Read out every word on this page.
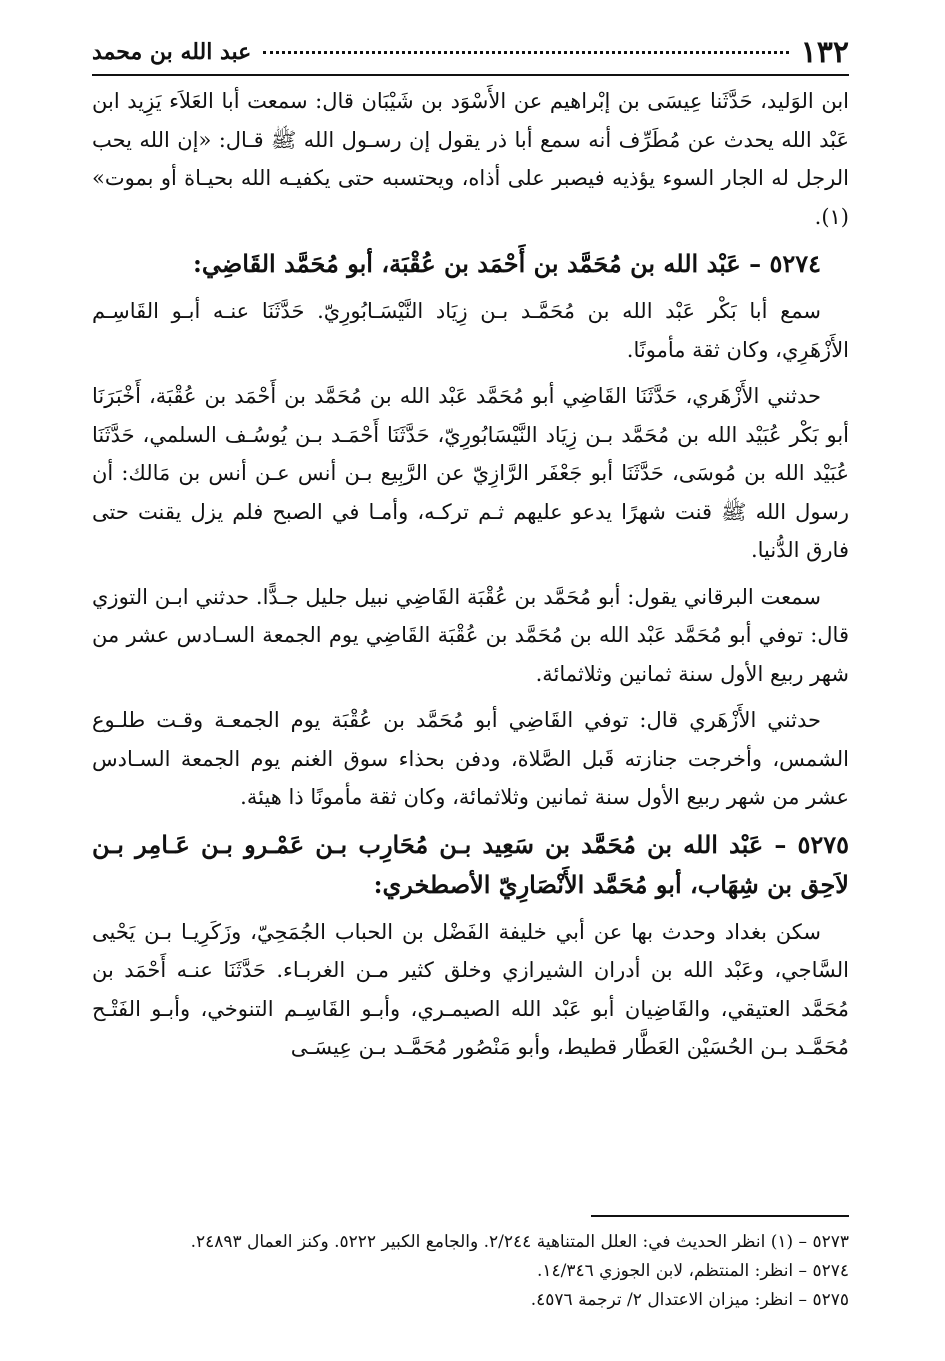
١٣٢
عبد الله بن محمد

ابن الوَليد، حَدَّثَنا عِيسَى بن إبْراهيم عن الأَسْوَد بن شَيْبَان قال: سمعت أبا العَلاَء يَزِيد ابن عَبْد الله يحدث عن مُطَرِّف أنه سمع أبا ذر يقول إن رسـول الله ﷺ قـال: «إن الله يحب الرجل له الجار السوء يؤذيه فيصبر على أذاه، ويحتسبه حتى يكفيـه الله بحيـاة أو بموت» (١).

٥٢٧٤ – عَبْد الله بن مُحَمَّد بن أَحْمَد بن عُقْبَة، أبو مُحَمَّد القَاضِي:

سمع أبا بَكْر عَبْد الله بن مُحَمَّـد بـن زِيَاد النَّيْسَـابُورِيّ. حَدَّثَنَا عنـه أبـو القَاسِـم الأَزْهَرِي، وكان ثقة مأمونًا.

حدثني الأَزْهَري، حَدَّثَنَا القَاضِي أبو مُحَمَّد عَبْد الله بن مُحَمَّد بن أَحْمَد بن عُقْبَة، أَخْبَرَنَا أبو بَكْر عُبَيْد الله بن مُحَمَّد بـن زِيَاد النَّيْسَابُورِيّ، حَدَّثَنَا أَحْمَـد بـن يُوسُـف السلمي، حَدَّثَنَا عُبَيْد الله بن مُوسَى، حَدَّثَنَا أبو جَعْفَر الرَّازِيّ عن الرَّبِيع بـن أنس عـن أنس بن مَالك: أن رسول الله ﷺ قنت شهرًا يدعو عليهم ثـم تركـه، وأمـا في الصبح فلم يزل يقنت حتى فارق الدُّنيا.

سمعت البرقاني يقول: أبو مُحَمَّد بن عُقْبَة القَاضِي نبيل جليل جـدًّا. حدثني ابـن التوزي قال: توفي أبو مُحَمَّد عَبْد الله بن مُحَمَّد بن عُقْبَة القَاضِي يوم الجمعة السـادس عشر من شهر ربيع الأول سنة ثمانين وثلاثمائة.

حدثني الأَزْهَري قال: توفي القَاضِي أبو مُحَمَّد بن عُقْبَة يوم الجمعـة وقـت طلـوع الشمس، وأخرجت جنازته قَبل الصَّلاة، ودفن بحذاء سوق الغنم يوم الجمعة السـادس عشر من شهر ربيع الأول سنة ثمانين وثلاثمائة، وكان ثقة مأمونًا ذا هيئة.

٥٢٧٥ – عَبْد الله بن مُحَمَّد بن سَعِيد بـن مُحَارِب بـن عَمْـرو بـن عَـامِر بـن لاَحِق بن شِهَاب، أبو مُحَمَّد الأَنْصَارِيّ الأصطخري:

سكن بغداد وحدث بها عن أبي خليفة الفَضْل بن الحباب الجُمَحِيّ، وزَكَرِيـا بـن يَحْيى السَّاجي، وعَبْد الله بن أدران الشيرازي وخلق كثير مـن الغربـاء. حَدَّثَنَا عنـه أَحْمَد بن مُحَمَّد العتيقي، والقَاضِيان أبو عَبْد الله الصيمـري، وأبـو القَاسِـم التنوخي، وأبـو الفَتْـح مُحَمَّـد بـن الحُسَيْن العَطَّار قطيط، وأبو مَنْصُور مُحَمَّـد بـن عِيسَـى

٥٢٧٣ – (١) انظر الحديث في: العلل المتناهية ٢/٢٤٤. والجامع الكبير ٥٢٢٢. وكنز العمال ٢٤٨٩٣.

٥٢٧٤ – انظر: المنتظم، لابن الجوزي ١٤/٣٤٦.

٥٢٧٥ – انظر: ميزان الاعتدال ٢/ ترجمة ٤٥٧٦.
